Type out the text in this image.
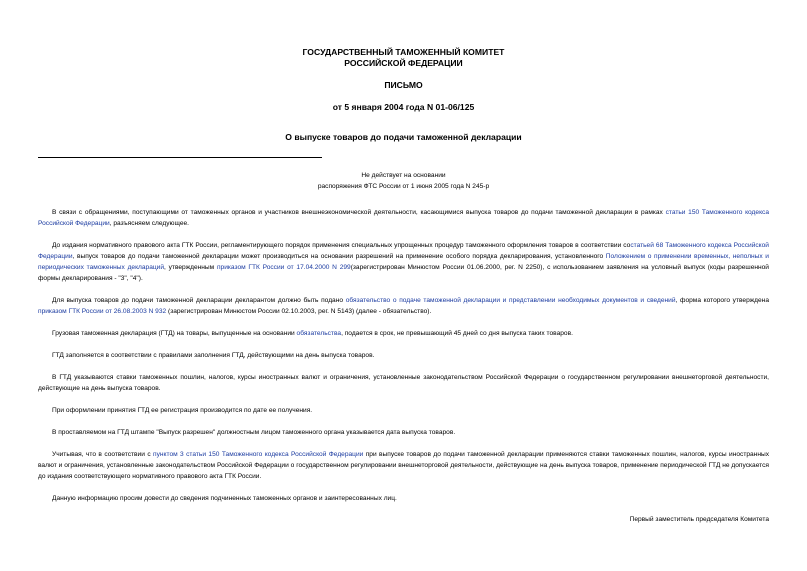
ГОСУДАРСТВЕННЫЙ ТАМОЖЕННЫЙ КОМИТЕТ
РОССИЙСКОЙ ФЕДЕРАЦИИ
ПИСЬМО
от 5 января 2004 года N 01-06/125
О выпуске товаров до подачи таможенной декларации
Не действует на основании
распоряжения ФТС России от 1 июня 2005 года N 245-р

В связи с обращениями, поступающими от таможенных органов и участников внешнеэкономической деятельности, касающимися выпуска товаров до подачи таможенной декларации в рамках статьи 150 Таможенного кодекса Российской Федерации, разъясняем следующее.

До издания нормативного правового акта ГТК России, регламентирующего порядок применения специальных упрощенных процедур таможенного оформления товаров в соответствии состатьей 68 Таможенного кодекса Российской Федерации, выпуск товаров до подачи таможенной декларации может производиться на основании разрешений на применение особого порядка декларирования, установленного Положением о применении временных, неполных и периодических таможенных деклараций, утвержденным приказом ГТК России от 17.04.2000 N 299(зарегистрирован Минюстом России 01.06.2000, рег. N 2250), с использованием заявления на условный выпуск (коды разрешенной формы декларирования - "3", "4").

Для выпуска товаров до подачи таможенной декларации декларантом должно быть подано обязательство о подаче таможенной декларации и представлении необходимых документов и сведений, форма которого утверждена приказом ГТК России от 26.08.2003 N 932 (зарегистрирован Минюстом России 02.10.2003, рег. N 5143) (далее - обязательство).

Грузовая таможенная декларация (ГТД) на товары, выпущенные на основании обязательства, подается в срок, не превышающий 45 дней со дня выпуска таких товаров.

ГТД заполняется в соответствии с правилами заполнения ГТД, действующими на день выпуска товаров.

В ГТД указываются ставки таможенных пошлин, налогов, курсы иностранных валют и ограничения, установленные законодательством Российской Федерации о государственном регулировании внешнеторговой деятельности, действующие на день выпуска товаров.

При оформлении принятия ГТД ее регистрация производится по дате ее получения.

В проставляемом на ГТД штампе "Выпуск разрешен" должностным лицом таможенного органа указывается дата выпуска товаров.

Учитывая, что в соответствии с пунктом 3 статьи 150 Таможенного кодекса Российской Федерации при выпуске товаров до подачи таможенной декларации применяются ставки таможенных пошлин, налогов, курсы иностранных валют и ограничения, установленные законодательством Российской Федерации о государственном регулировании внешнеторговой деятельности, действующие на день выпуска товаров, применение периодической ГТД не допускается до издания соответствующего нормативного правового акта ГТК России.

Данную информацию просим довести до сведения подчиненных таможенных органов и заинтересованных лиц.

Первый заместитель председателя Комитета
